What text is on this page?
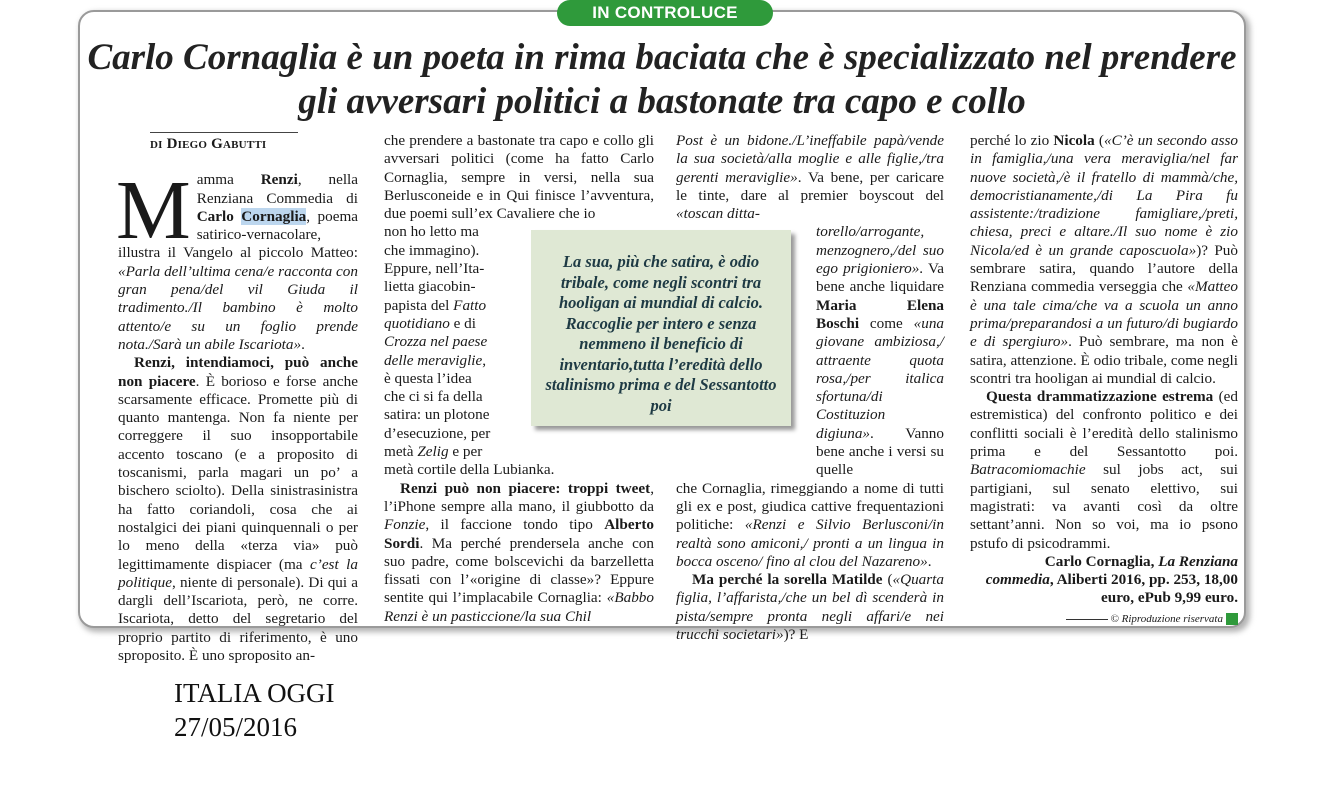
IN CONTROLUCE
Carlo Cornaglia è un poeta in rima baciata che è specializzato nel prendere gli avversari politici a bastonate tra capo e collo
di Diego Gabutti

Mamma Renzi, nella Renziana Commedia di Carlo Cornaglia, poema satirico-vernacolare, illustra il Vangelo al piccolo Matteo: «Parla dell’ultima cena/e racconta con gran pena/del vil Giuda il tradimento./Il bambino è molto attento/e su un foglio prende nota./Sarà un abile Iscariota».

Renzi, intendiamoci, può anche non piacere. È borioso e forse anche scarsamente efficace. Promette più di quanto mantenga. Non fa niente per correggere il suo insopportabile accento toscano (e a proposito di toscanismi, parla magari un po’ a bischero sciolto). Della sinistrasinistra ha fatto coriandoli, cosa che ai nostalgici dei piani quinquennali o per lo meno della «terza via» può legittimamente dispiacer (ma c’est la politique, niente di personale). Di qui a dargli dell’Iscariota, però, ne corre. Iscariota, detto del segretario del proprio partito di riferimento, è uno sproposito. È uno sproposito an-

che prendere a bastonate tra capo e collo gli avversari politici (come ha fatto Carlo Cornaglia, sempre in versi, nella sua Berlusconeide e in Qui finisce l’avventura, due poemi sull’ex Cavaliere che io
non ho letto ma
che immagino).
Eppure, nell’Ita-
lietta giacobin-
papista del Fatto
quotidiano e di
Crozza nel paese
delle meraviglie,
è questa l’idea
che ci si fa della
satira: un plotone
d’esecuzione, per
metà Zelig e per
metà cortile della Lubianka.

Renzi può non piacere: troppi tweet, l’iPhone sempre alla mano, il giubbotto da Fonzie, il faccione tondo tipo Alberto Sordi. Ma perché prendersela anche con suo padre, come bolscevichi da barzelletta fissati con l’«origine di classe»? Eppure sentite qui l’implacabile Cornaglia: «Babbo Renzi è un pasticcione/la sua Chil

Post è un bidone./L’ineffabile papà/vende la sua società/alla moglie e alle figlie,/tra gerenti meraviglie». Va bene, per caricare le tinte, dare al premier boyscout del «toscan ditta-

torello/arrogante, menzognero,/del suo ego prigioniero». Va bene anche liquidare Maria Elena Boschi come «una giovane ambiziosa,/ attraente quota rosa,/per italica sfortuna/di Costituzion digiuna». Vanno bene anche i versi su quelle

che Cornaglia, rimeggiando a nome di tutti gli ex e post, giudica cattive frequentazioni politiche: «Renzi e Silvio Berlusconi/in realtà sono amiconi,/ pronti a un lingua in bocca osceno/ fino al clou del Nazareno».

Ma perché la sorella Matilde («Quarta figlia, l’affarista,/che un bel dì scenderà in pista/sempre pronta negli affari/e nei trucchi societari»)? E

perché lo zio Nicola («C’è un secondo asso in famiglia,/una vera meraviglia/nel far nuove società,/è il fratello di mammà/che, democristianamente,/di La Pira fu assistente:/tradizione famigliare,/preti, chiesa, preci e altare./Il suo nome è zio Nicola/ed è un grande caposcuola»)? Può sembrare satira, quando l’autore della Renziana commedia verseggia che «Matteo è una tale cima/che va a scuola un anno prima/preparandosi a un futuro/di bugiardo e di spergiuro». Può sembrare, ma non è satira, attenzione. È odio tribale, come negli scontri tra hooligan ai mundial di calcio.

Questa drammatizzazione estrema (ed estremistica) del confronto politico e dei conflitti sociali è l’eredità dello stalinismo prima e del Sessantotto poi. Batracomiomachie sul jobs act, sui partigiani, sul senato elettivo, sui magistrati: va avanti così da oltre settant’anni. Non so voi, ma io psono pstufo di psicodrammi.

Carlo Cornaglia, La Renziana commedia, Aliberti 2016, pp. 253, 18,00 euro, ePub 9,99 euro.

© Riproduzione riservata
La sua, più che satira, è odio tribale, come negli scontri tra hooligan ai mundial di calcio. Raccoglie per intero e senza nemmeno il beneficio di inventario,tutta l’eredità dello stalinismo prima e del Sessantotto poi
ITALIA OGGI
27/05/2016
